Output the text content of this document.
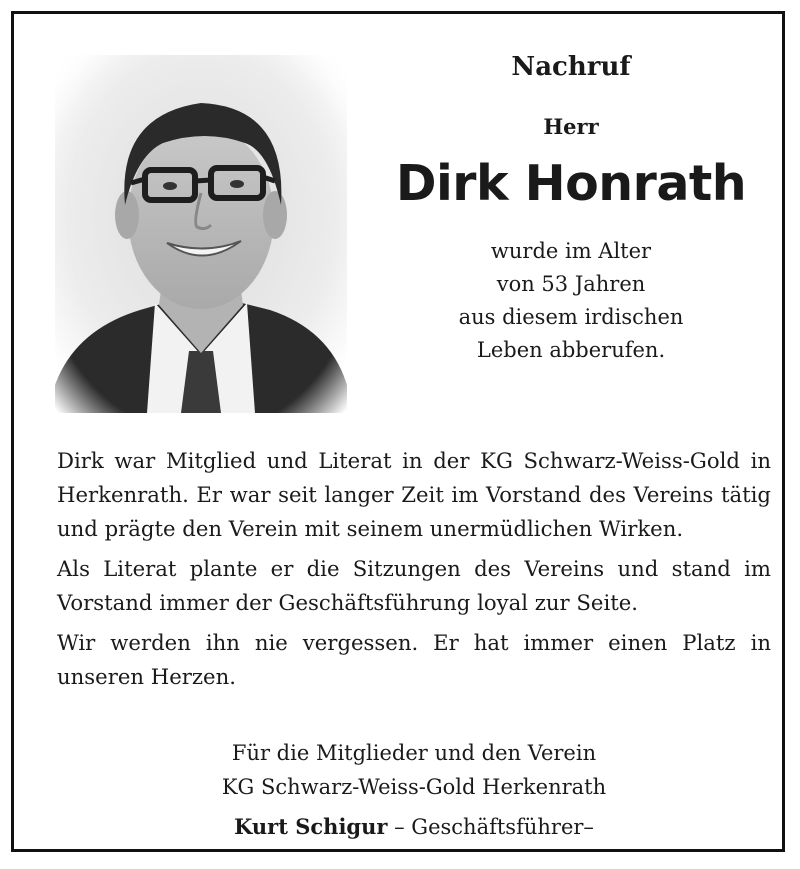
Nachruf
Herr
Dirk Honrath
wurde im Alter
von 53 Jahren
aus diesem irdischen
Leben abberufen.

Dirk war Mitglied und Literat in der KG Schwarz-Weiss-Gold in Herkenrath. Er war seit langer Zeit im Vorstand des Vereins tätig und prägte den Verein mit seinem unermüdlichen Wirken.

Als Literat plante er die Sitzungen des Vereins und stand im Vorstand immer der Geschäftsführung loyal zur Seite.

Wir werden ihn nie vergessen. Er hat immer einen Platz in unseren Herzen.

Für die Mitglieder und den Verein
KG Schwarz-Weiss-Gold Herkenrath
Kurt Schigur – Geschäftsführer–
